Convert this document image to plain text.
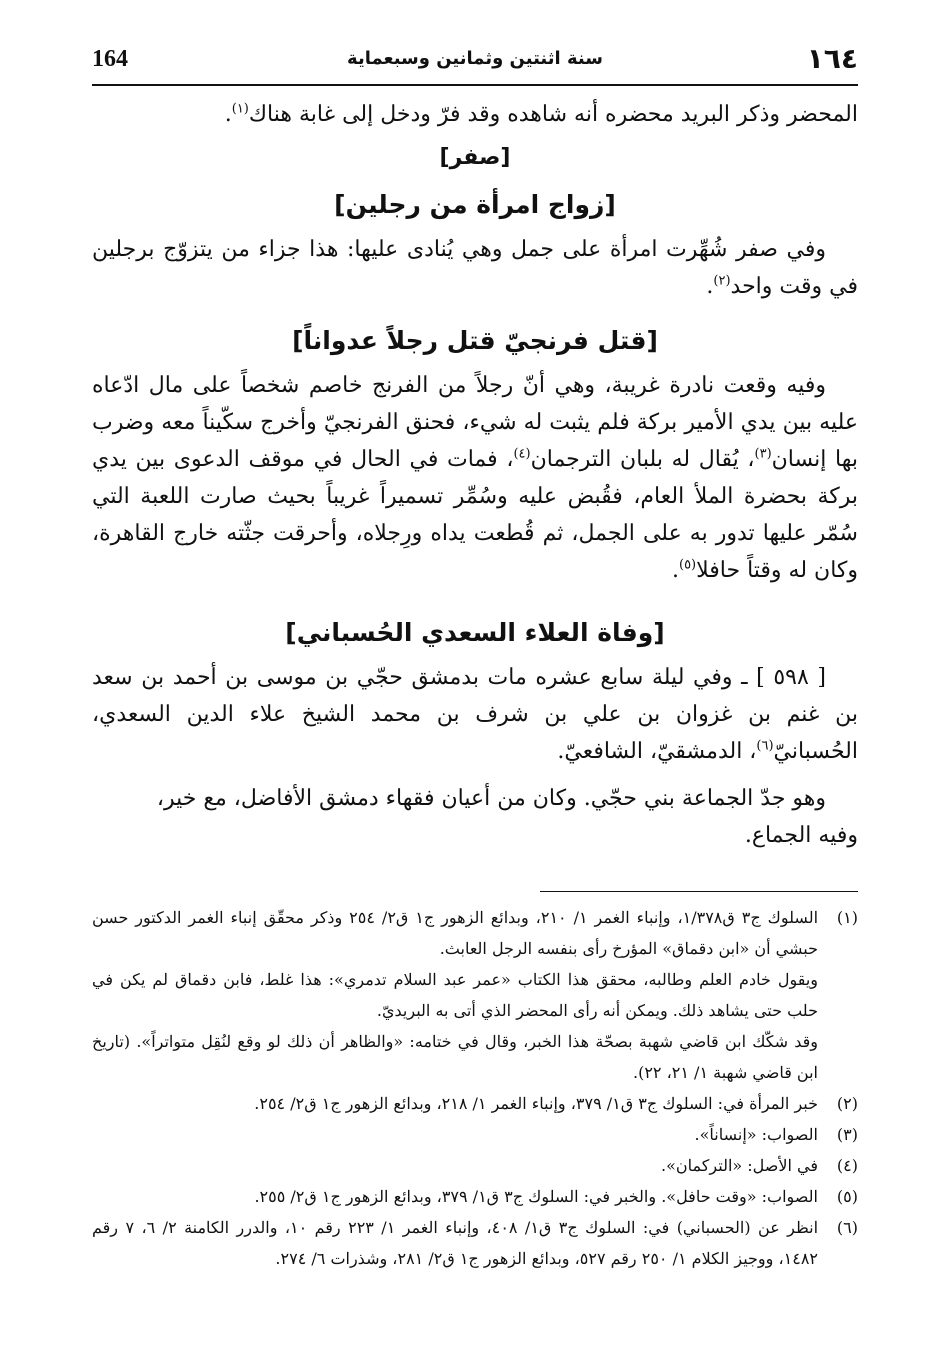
164	سنة اثنتين وثمانين وسبعماية	١٦٤

المحضر وذكر البريد محضره أنه شاهده وقد فرّ ودخل إلى غابة هناك$^{(١)}$.

[صفر]

[زواج امرأة من رجلين]

وفي صفر شُهِّرت امرأة على جمل وهي يُنادى عليها: هذا جزاء من يتزوّج برجلين في وقت واحد$^{(٢)}$.

[قتل فرنجيّ قتل رجلاً عدواناً]

وفيه وقعت نادرة غريبة، وهي أنّ رجلاً من الفرنج خاصم شخصاً على مال ادّعاه عليه بين يدي الأمير بركة فلم يثبت له شيء، فحنق الفرنجيّ وأخرج سكّيناً معه وضرب بها إنسان$^{(٣)}$، يُقال له بلبان الترجمان$^{(٤)}$، فمات في الحال في موقف الدعوى بين يدي بركة بحضرة الملأ العام، فقُبض عليه وسُمِّر تسميراً غريباً بحيث صارت اللعبة التي سُمّر عليها تدور به على الجمل، ثم قُطعت يداه ورِجلاه، وأحرقت جثّته خارج القاهرة، وكان له وقتاً حافلا$^{(٥)}$.

[وفاة العلاء السعدي الحُسباني]

[ ٥٩٨ ] ـ وفي ليلة سابع عشره مات بدمشق حجّي بن موسى بن أحمد بن سعد بن غنم بن غزوان بن علي بن شرف بن محمد الشيخ علاء الدين السعدي، الحُسبانيّ$^{(٦)}$، الدمشقيّ، الشافعيّ.

وهو جدّ الجماعة بني حجّي. وكان من أعيان فقهاء دمشق الأفاضل، مع خير،

وفيه الجماع.

(١)
السلوك ج٣ ق١/٣٧٨، وإنباء الغمر ١/ ٢١٠، وبدائع الزهور ج١ ق٢/ ٢٥٤ وذكر محقّق إنباء الغمر الدكتور حسن حبشي أن «ابن دقماق» المؤرخ رأى بنفسه الرجل العابث.

ويقول خادم العلم وطالبه، محقق هذا الكتاب «عمر عبد السلام تدمري»: هذا غلط، فابن دقماق لم يكن في حلب حتى يشاهد ذلك. ويمكن أنه رأى المحضر الذي أتى به البريديّ.

وقد شكّك ابن قاضي شهبة بصحّة هذا الخبر، وقال في ختامه: «والظاهر أن ذلك لو وقع لنُقِل متواتراً». (تاريخ ابن قاضي شهبة ١/ ٢١، ٢٢).

(٢)
خبر المرأة في: السلوك ج٣ ق١/ ٣٧٩، وإنباء الغمر ١/ ٢١٨، وبدائع الزهور ج١ ق٢/ ٢٥٤.

(٣)
الصواب: «إنساناً».

(٤)
في الأصل: «التركمان».

(٥)
الصواب: «وقت حافل». والخبر في: السلوك ج٣ ق١/ ٣٧٩، وبدائع الزهور ج١ ق٢/ ٢٥٥.

(٦)
انظر عن (الحسباني) في: السلوك ج٣ ق١/ ٤٠٨، وإنباء الغمر ١/ ٢٢٣ رقم ١٠، والدرر الكامنة ٢/ ٦، ٧ رقم ١٤٨٢، ووجيز الكلام ١/ ٢٥٠ رقم ٥٢٧، وبدائع الزهور ج١ ق٢/ ٢٨١، وشذرات ٦/ ٢٧٤.
